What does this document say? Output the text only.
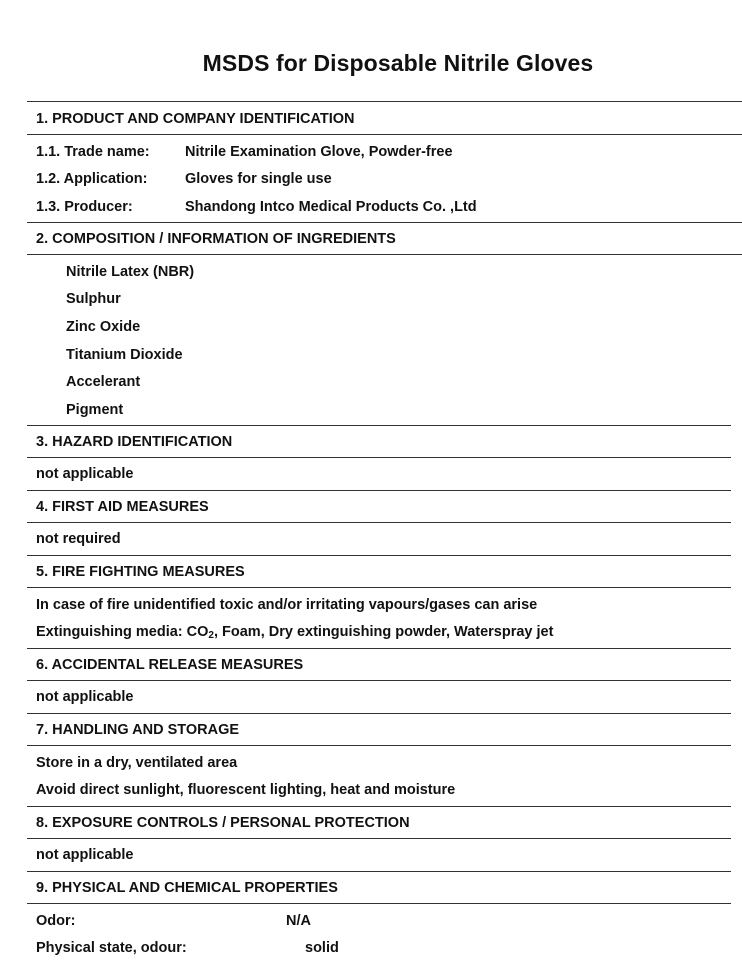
MSDS for Disposable Nitrile Gloves
1. PRODUCT AND COMPANY IDENTIFICATION
1.1. Trade name: Nitrile Examination Glove, Powder-free
1.2. Application:	Gloves for single use
1.3. Producer:	Shandong Intco Medical Products Co. ,Ltd
2. COMPOSITION / INFORMATION OF INGREDIENTS
Nitrile Latex (NBR)
Sulphur
Zinc Oxide
Titanium Dioxide
Accelerant
Pigment
3. HAZARD IDENTIFICATION
not applicable
4. FIRST AID MEASURES
not required
5. FIRE FIGHTING MEASURES
In case of fire unidentified toxic and/or irritating vapours/gases can arise
Extinguishing media: $CO_2$, Foam, Dry extinguishing powder, Waterspray jet
6. ACCIDENTAL RELEASE MEASURES
not applicable
7. HANDLING AND STORAGE
Store in a dry, ventilated area
Avoid direct sunlight, fluorescent lighting, heat and moisture
8. EXPOSURE CONTROLS / PERSONAL PROTECTION
not applicable
9. PHYSICAL AND CHEMICAL PROPERTIES
Odor:	N/A
Physical state, odour:	solid
